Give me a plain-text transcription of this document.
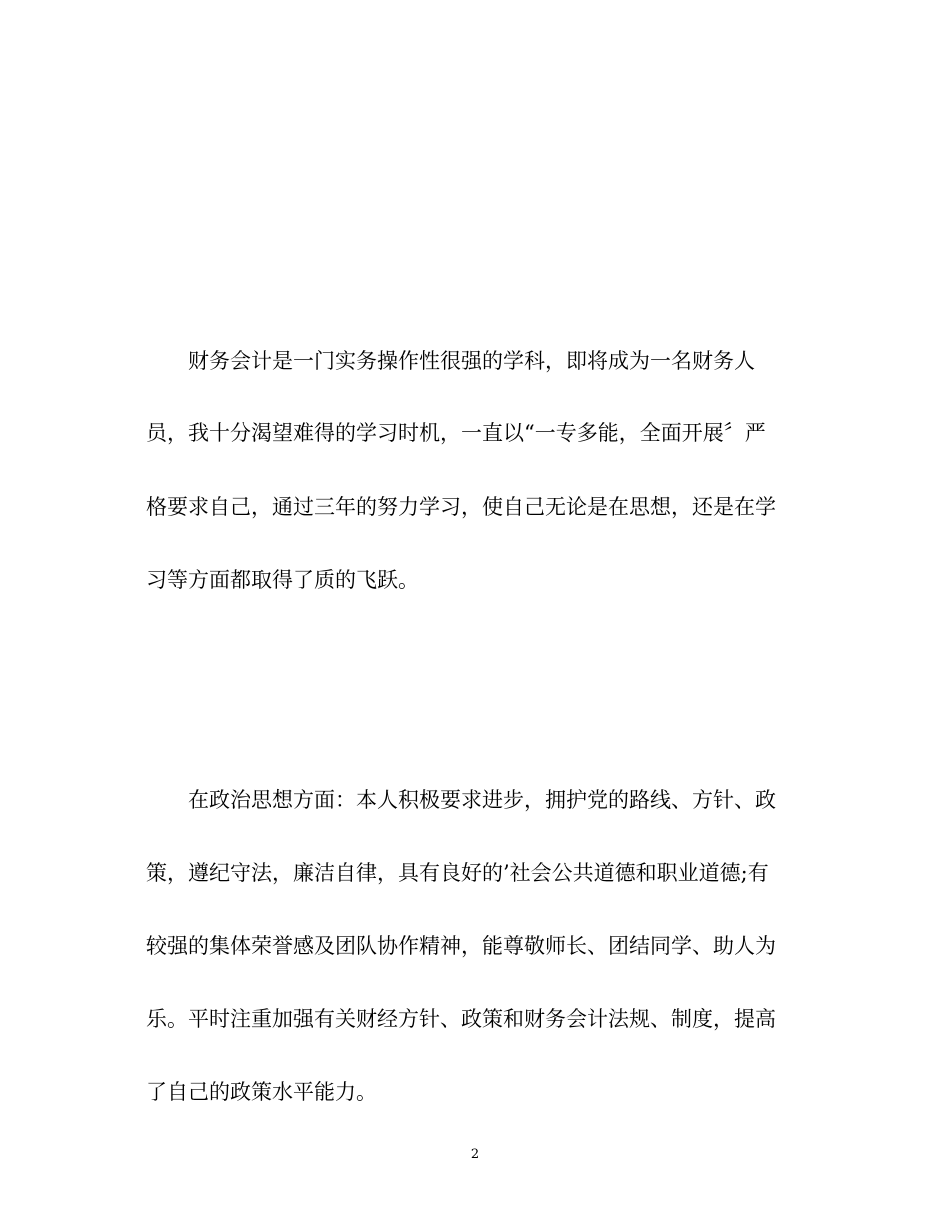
　　财务会计是一门实务操作性很强的学科，即将成为一名财务人
员，我十分渴望难得的学习时机，一直以“一专多能，全面开展〞严
格要求自己，通过三年的努力学习，使自己无论是在思想，还是在学
习等方面都取得了质的飞跃。
　　在政治思想方面：本人积极要求进步，拥护党的路线、方针、政
策，遵纪守法，廉洁自律，具有良好的’社会公共道德和职业道德;有
较强的集体荣誉感及团队协作精神，能尊敬师长、团结同学、助人为
乐。平时注重加强有关财经方针、政策和财务会计法规、制度，提高
了自己的政策水平能力。
2
